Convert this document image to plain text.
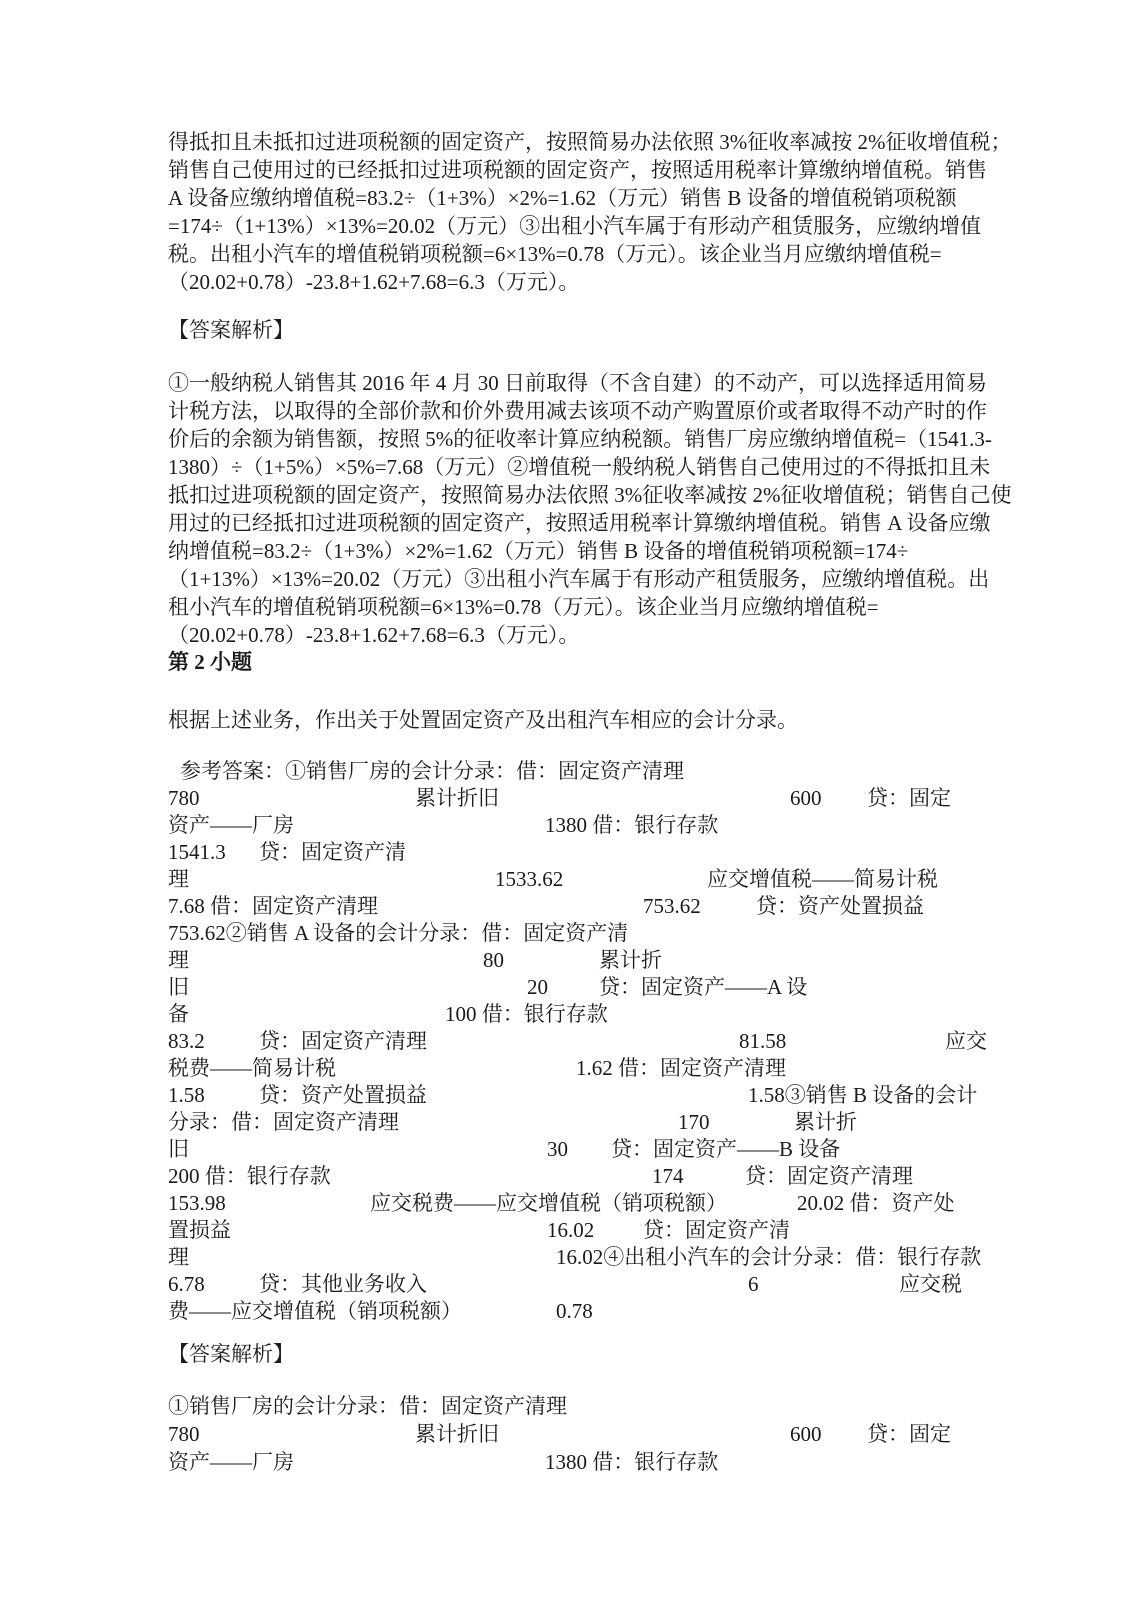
得抵扣且未抵扣过进项税额的固定资产，按照简易办法依照 3%征收率减按 2%征收增值税；
销售自己使用过的已经抵扣过进项税额的固定资产，按照适用税率计算缴纳增值税。销售
A 设备应缴纳增值税=83.2÷（1+3%）×2%=1.62（万元）销售 B 设备的增值税销项税额
=174÷（1+13%）×13%=20.02（万元）③出租小汽车属于有形动产租赁服务，应缴纳增值
税。出租小汽车的增值税销项税额=6×13%=0.78（万元）。该企业当月应缴纳增值税=
（20.02+0.78）-23.8+1.62+7.68=6.3（万元）。
【答案解析】
①一般纳税人销售其 2016 年 4 月 30 日前取得（不含自建）的不动产，可以选择适用简易
计税方法，以取得的全部价款和价外费用减去该项不动产购置原价或者取得不动产时的作
价后的余额为销售额，按照 5%的征收率计算应纳税额。销售厂房应缴纳增值税=（1541.3-
1380）÷（1+5%）×5%=7.68（万元）②增值税一般纳税人销售自己使用过的不得抵扣且未
抵扣过进项税额的固定资产，按照简易办法依照 3%征收率减按 2%征收增值税；销售自己使
用过的已经抵扣过进项税额的固定资产，按照适用税率计算缴纳增值税。销售 A 设备应缴
纳增值税=83.2÷（1+3%）×2%=1.62（万元）销售 B 设备的增值税销项税额=174÷
（1+13%）×13%=20.02（万元）③出租小汽车属于有形动产租赁服务，应缴纳增值税。出
租小汽车的增值税销项税额=6×13%=0.78（万元）。该企业当月应缴纳增值税=
（20.02+0.78）-23.8+1.62+7.68=6.3（万元）。
第 2 小题
根据上述业务，作出关于处置固定资产及出租汽车相应的会计分录。
参考答案：①销售厂房的会计分录：借：固定资产清理
780	累计折旧	600 贷：固定
资产——厂房	1380 借：银行存款
1541.3 贷：固定资产清
理	1533.62	应交增值税——简易计税
7.68 借：固定资产清理	753.62	贷：资产处置损益
753.62②销售 A 设备的会计分录：借：固定资产清
理	80	累计折
旧	20 贷：固定资产——A 设
备	100 借：银行存款
83.2	贷：固定资产清理	81.58	应交
税费——简易计税	1.62 借：固定资产清理
1.58	贷：资产处置损益	1.58③销售 B 设备的会计
分录：借：固定资产清理	170	累计折
旧	30 贷：固定资产——B 设备
200 借：银行存款	174	贷：固定资产清理
153.98	应交税费——应交增值税（销项税额）	20.02 借：资产处
置损益	16.02 贷：固定资产清
理	16.02④出租小汽车的会计分录：借：银行存款
6.78	贷：其他业务收入	6	应交税
费——应交增值税（销项税额）	0.78
【答案解析】
①销售厂房的会计分录：借：固定资产清理
780	累计折旧	600 贷：固定
资产——厂房	1380 借：银行存款
